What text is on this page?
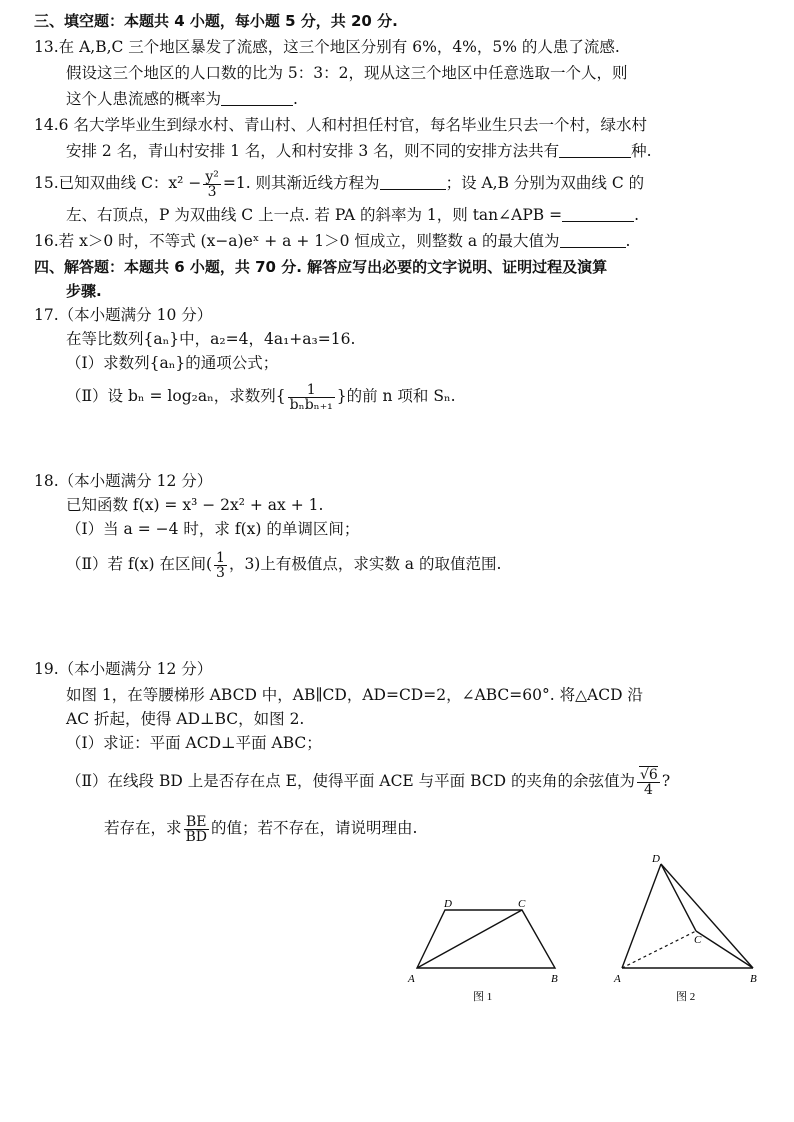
三、填空题：本题共 4 小题，每小题 5 分，共 20 分.
13.在 A,B,C 三个地区暴发了流感，这三个地区分别有 6%，4%，5% 的人患了流感.
假设这三个地区的人口数的比为 5：3：2，现从这三个地区中任意选取一个人，则
这个人患流感的概率为	.
14.6 名大学毕业生到绿水村、青山村、人和村担任村官，每名毕业生只去一个村，绿水村
安排 2 名，青山村安排 1 名，人和村安排 3 名，则不同的安排方法共有	种.
15.已知双曲线 C：$x^2 - \frac{\text{y²}}{3} =1$. 则其渐近线方程为	；设 A,B 分别为双曲线 C 的
左、右顶点，P 为双曲线 C 上一点. 若 PA 的斜率为 1，则 tan∠APB =	.
16.若 x＞0 时，不等式 (x−a)eˣ + a + 1＞0 恒成立，则整数 a 的最大值为	.
四、解答题：本题共 6 小题，共 70 分. 解答应写出必要的文字说明、证明过程及演算
步骤.
17.（本小题满分 10 分）
在等比数列{aₙ}中，a₂=4，4a₁+a₃=16.
（Ⅰ）求数列{aₙ}的通项公式；
（Ⅱ）设 bₙ = log₂aₙ，求数列{ $\frac{1}{\text{bₙbₙ₊₁}}$ }的前 n 项和 Sₙ.
18.（本小题满分 12 分）
已知函数 f(x) = x³ − 2x² + ax + 1.
（Ⅰ）当 a = −4 时，求 f(x) 的单调区间；
（Ⅱ）若 f(x) 在区间( $\frac{1}{3}$ ，3)上有极值点，求实数 a 的取值范围.
19.（本小题满分 12 分）
如图 1，在等腰梯形 ABCD 中，AB∥CD，AD=CD=2，∠ABC=60°. 将△ACD 沿
AC 折起，使得 AD⊥BC，如图 2.
（Ⅰ）求证：平面 ACD⊥平面 ABC；
（Ⅱ）在线段 BD 上是否存在点 E，使得平面 ACE 与平面 BCD 的夹角的余弦值为 $\frac{√6}{4}$ ?
若存在，求 $\frac{BE}{BD}$ 的值；若不存在，请说明理由.
A	B
C
D
图 1
A	B
C
D
图 2
